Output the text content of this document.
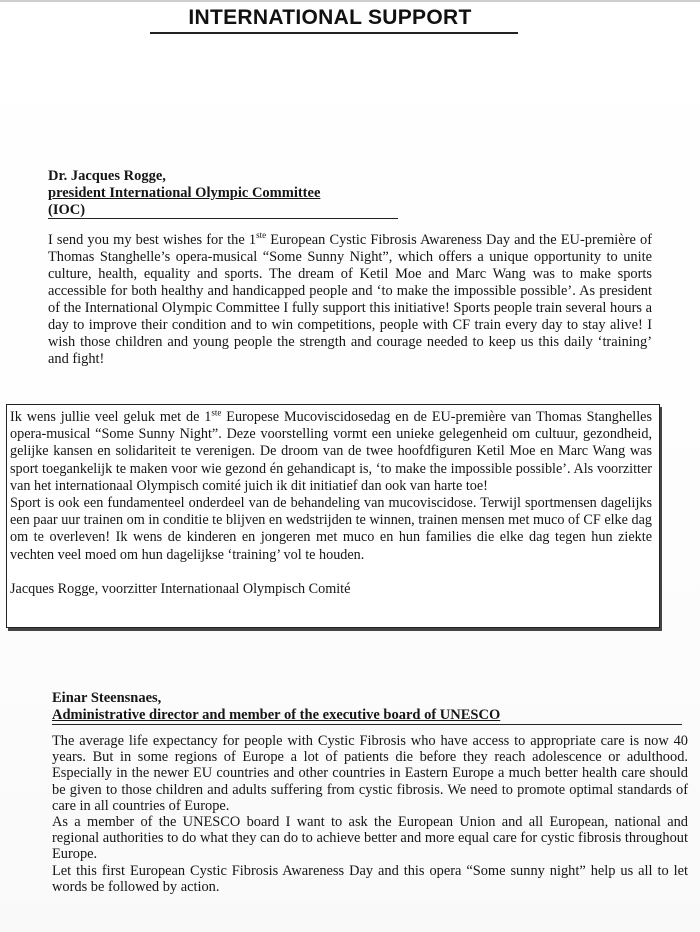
INTERNATIONAL SUPPORT

Dr. Jacques Rogge,

president International Olympic Committee

(IOC)

I send you my best wishes for the 1ste European Cystic Fibrosis Awareness Day and the EU-première of Thomas Stanghelle’s opera-musical “Some Sunny Night”, which offers a unique opportunity to unite culture, health, equality and sports. The dream of Ketil Moe and Marc Wang was to make sports accessible for both healthy and handicapped people and ‘to make the impossible possible’. As president of the International Olympic Committee I fully support this initiative! Sports people train several hours a day to improve their condition and to win competitions, people with CF train every day to stay alive! I wish those children and young people the strength and courage needed to keep us this daily ‘training’ and fight!

Ik wens jullie veel geluk met de 1ste Europese Mucoviscidosedag en de EU-première van Thomas Stanghelles opera-musical “Some Sunny Night”. Deze voorstelling vormt een unieke gelegenheid om cultuur, gezondheid, gelijke kansen en solidariteit te verenigen. De droom van de twee hoofdfiguren Ketil Moe en Marc Wang was sport toegankelijk te maken voor wie gezond én gehandicapt is, ‘to make the impossible possible’. Als voorzitter van het internationaal Olympisch comité juich ik dit initiatief dan ook van harte toe!

Sport is ook een fundamenteel onderdeel van de behandeling van mucoviscidose. Terwijl sportmensen dagelijks een paar uur trainen om in conditie te blijven en wedstrijden te winnen, trainen mensen met muco of CF elke dag om te overleven! Ik wens de kinderen en jongeren met muco en hun families die elke dag tegen hun ziekte vechten veel moed om hun dagelijkse ‘training’ vol te houden.

Jacques Rogge, voorzitter Internationaal Olympisch Comité

Einar Steensnaes,

Administrative director and member of the executive board of UNESCO

The average life expectancy for people with Cystic Fibrosis who have access to appropriate care is now 40 years. But in some regions of Europe a lot of patients die before they reach adolescence or adulthood. Especially in the newer EU countries and other countries in Eastern Europe a much better health care should be given to those children and adults suffering from cystic fibrosis. We need to promote optimal standards of care in all countries of Europe.

As a member of the UNESCO board I want to ask the European Union and all European, national and regional authorities to do what they can do to achieve better and more equal care for cystic fibrosis throughout Europe.

Let this first European Cystic Fibrosis Awareness Day and this opera “Some sunny night” help us all to let words be followed by action.
